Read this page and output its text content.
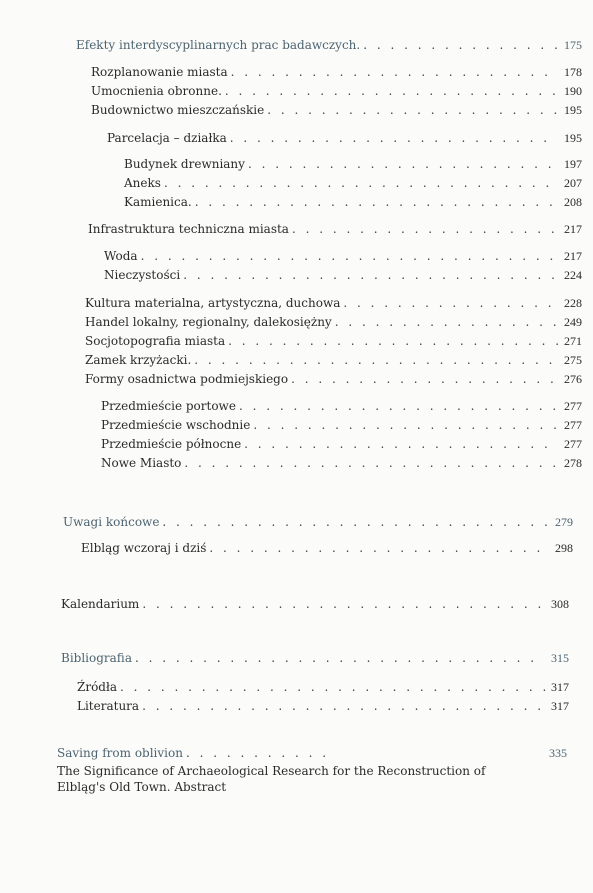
Efekty interdyscyplinarnych prac badawczych. . . .	175
Rozplanowanie miasta . . .	178
Umocnienia obronne. . . .	190
Budownictwo mieszczańskie . . .	195
Parcelacja – działka . . .	195
Budynek drewniany . . .	197
Aneks . . .	207
Kamienica. . . .	208
Infrastruktura techniczna miasta . . .	217
Woda . . .	217
Nieczystości . . .	224
Kultura materialna, artystyczna, duchowa . . .	228
Handel lokalny, regionalny, dalekosiężny . . .	249
Socjotopografia miasta . . .	271
Zamek krzyżacki. . . .	275
Formy osadnictwa podmiejskiego . . .	276
Przedmieście portowe . . .	277
Przedmieście wschodnie . . .	277
Przedmieście północne . . .	277
Nowe Miasto . . .	278
Uwagi końcowe . . .	279
Elbląg wczoraj i dziś . . .	298
Kalendarium . . .	308
Bibliografia . . .	315
Źródła . . .	317
Literatura . . .	317
Saving from oblivion . . .	335
The Significance of Archaeological Research for the Reconstruction of Elbląg's Old Town. Abstract
